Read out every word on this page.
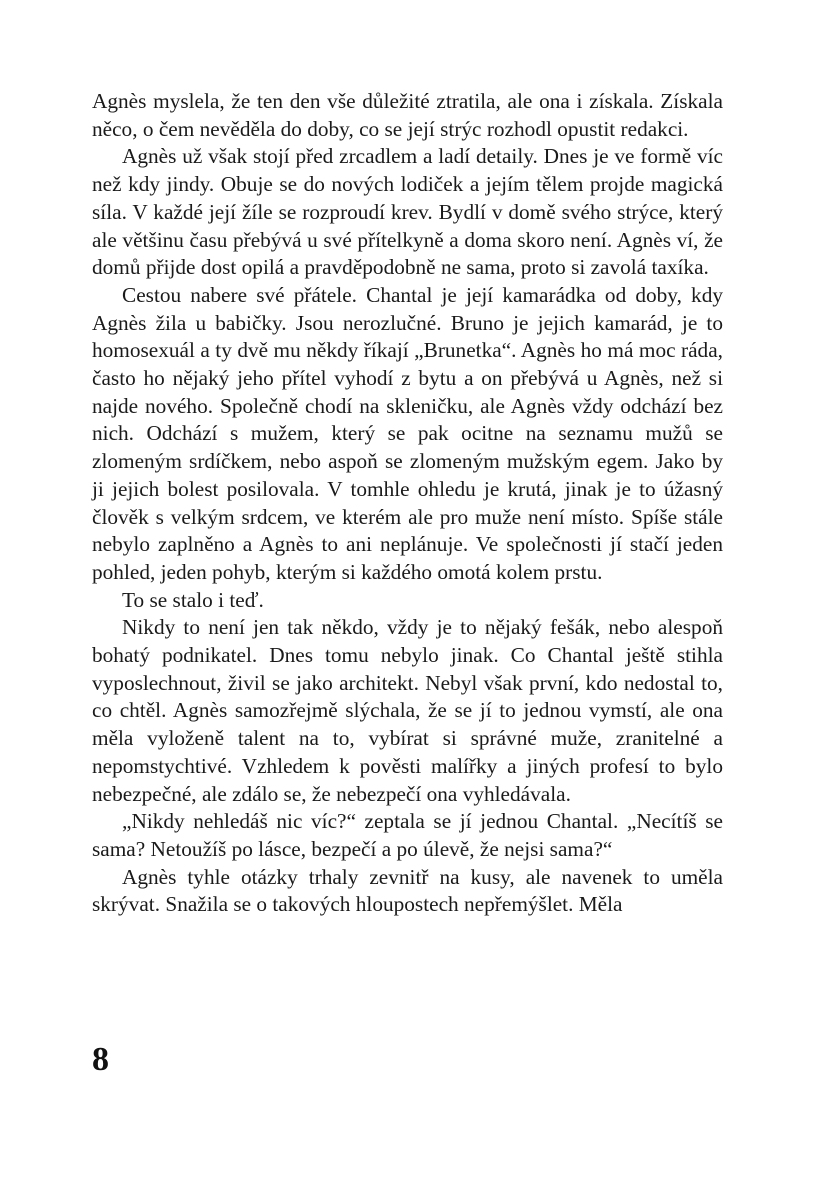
Agnès myslela, že ten den vše důležité ztratila, ale ona i získala. Získala něco, o čem nevěděla do doby, co se její strýc rozhodl opustit redakci.

Agnès už však stojí před zrcadlem a ladí detaily. Dnes je ve formě víc než kdy jindy. Obuje se do nových lodiček a jejím tělem projde magická síla. V každé její žíle se rozproudí krev. Bydlí v domě svého strýce, který ale většinu času přebývá u své přítelkyně a doma skoro není. Agnès ví, že domů přijde dost opilá a pravděpodobně ne sama, proto si zavolá taxíka.

Cestou nabere své přátele. Chantal je její kamarádka od doby, kdy Agnès žila u babičky. Jsou nerozlučné. Bruno je jejich kamarád, je to homosexuál a ty dvě mu někdy říkají „Brunetka“. Agnès ho má moc ráda, často ho nějaký jeho přítel vyhodí z bytu a on přebývá u Agnès, než si najde nového. Společně chodí na skleničku, ale Agnès vždy odchází bez nich. Odchází s mužem, který se pak ocitne na seznamu mužů se zlomeným srdíčkem, nebo aspoň se zlomeným mužským egem. Jako by ji jejich bolest posilovala. V tomhle ohledu je krutá, jinak je to úžasný člověk s velkým srdcem, ve kterém ale pro muže není místo. Spíše stále nebylo zaplněno a Agnès to ani neplánuje. Ve společnosti jí stačí jeden pohled, jeden pohyb, kterým si každého omotá kolem prstu.

To se stalo i teď.

Nikdy to není jen tak někdo, vždy je to nějaký fešák, nebo alespoň bohatý podnikatel. Dnes tomu nebylo jinak. Co Chantal ještě stihla vyposlechnout, živil se jako architekt. Nebyl však první, kdo nedostal to, co chtěl. Agnès samozřejmě slýchala, že se jí to jednou vymstí, ale ona měla vyloženě talent na to, vybírat si správné muže, zranitelné a nepomstychtivé. Vzhledem k pověsti malířky a jiných profesí to bylo nebezpečné, ale zdálo se, že nebezpečí ona vyhledávala.

„Nikdy nehledáš nic víc?“ zeptala se jí jednou Chantal. „Necítíš se sama? Netoužíš po lásce, bezpečí a po úlevě, že nejsi sama?“

Agnès tyhle otázky trhaly zevnitř na kusy, ale navenek to uměla skrývat. Snažila se o takových hloupostech nepřemýšlet. Měla

8
